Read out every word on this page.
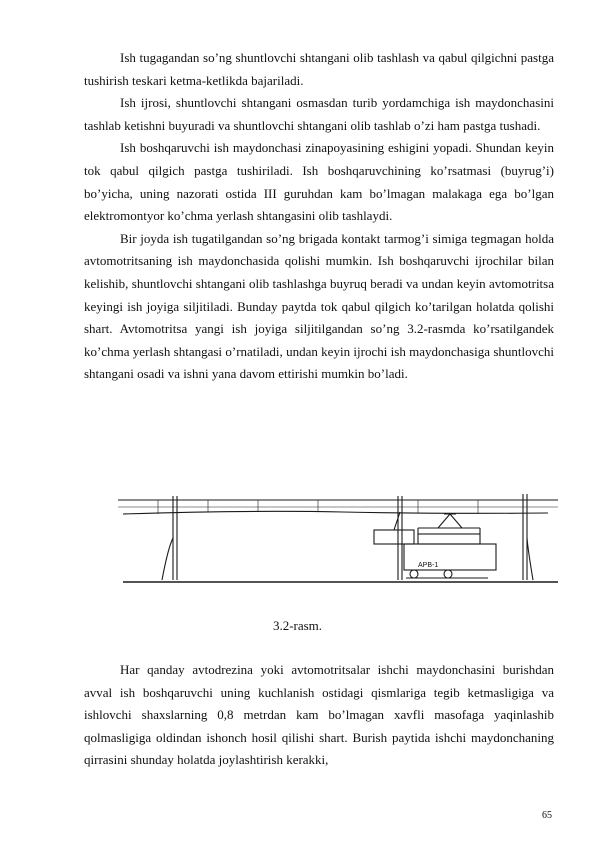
Ish tugagandan so’ng shuntlovchi shtangani olib tashlash va qabul qilgichni pastga tushirish teskari ketma-ketlikda bajariladi.

Ish ijrosi, shuntlovchi shtangani osmasdan turib yordamchiga ish maydonchasini tashlab ketishni buyuradi va shuntlovchi shtangani olib tashlab o’zi ham pastga tushadi.

Ish boshqaruvchi ish maydonchasi zinapoyasining eshigini yopadi. Shundan keyin tok qabul qilgich pastga tushiriladi. Ish boshqaruvchining ko’rsatmasi (buyrug’i) bo’yicha, uning nazorati ostida III guruhdan kam bo’lmagan malakaga ega bo’lgan elektromontyor ko’chma yerlash shtangasini olib tashlaydi.

Bir joyda ish tugatilgandan so’ng brigada kontakt tarmog’i simiga tegmagan holda avtomotritsaning ish maydonchasida qolishi mumkin. Ish boshqaruvchi ijrochilar bilan kelishib, shuntlovchi shtangani olib tashlashga buyruq beradi va undan keyin avtomotritsa keyingi ish joyiga siljitiladi. Bunday paytda tok qabul qilgich ko’tarilgan holatda qolishi shart. Avtomotritsa yangi ish joyiga siljitilgandan so’ng 3.2-rasmda ko’rsatilgandek ko’chma yerlash shtangasi o’rnatiladi, undan keyin ijrochi ish maydonchasiga shuntlovchi shtangani osadi va ishni yana davom ettirishi mumkin bo’ladi.

АРВ-1
3.2-rasm.

Har qanday avtodrezina yoki avtomotritsalar ishchi maydonchasini burishdan avval ish boshqaruvchi uning kuchlanish ostidagi qismlariga tegib ketmasligiga va ishlovchi shaxslarning 0,8 metrdan kam bo’lmagan xavfli masofaga yaqinlashib qolmasligiga oldindan ishonch hosil qilishi shart. Burish paytida ishchi maydonchaning qirrasini shunday holatda joylashtirish kerakki,

65
